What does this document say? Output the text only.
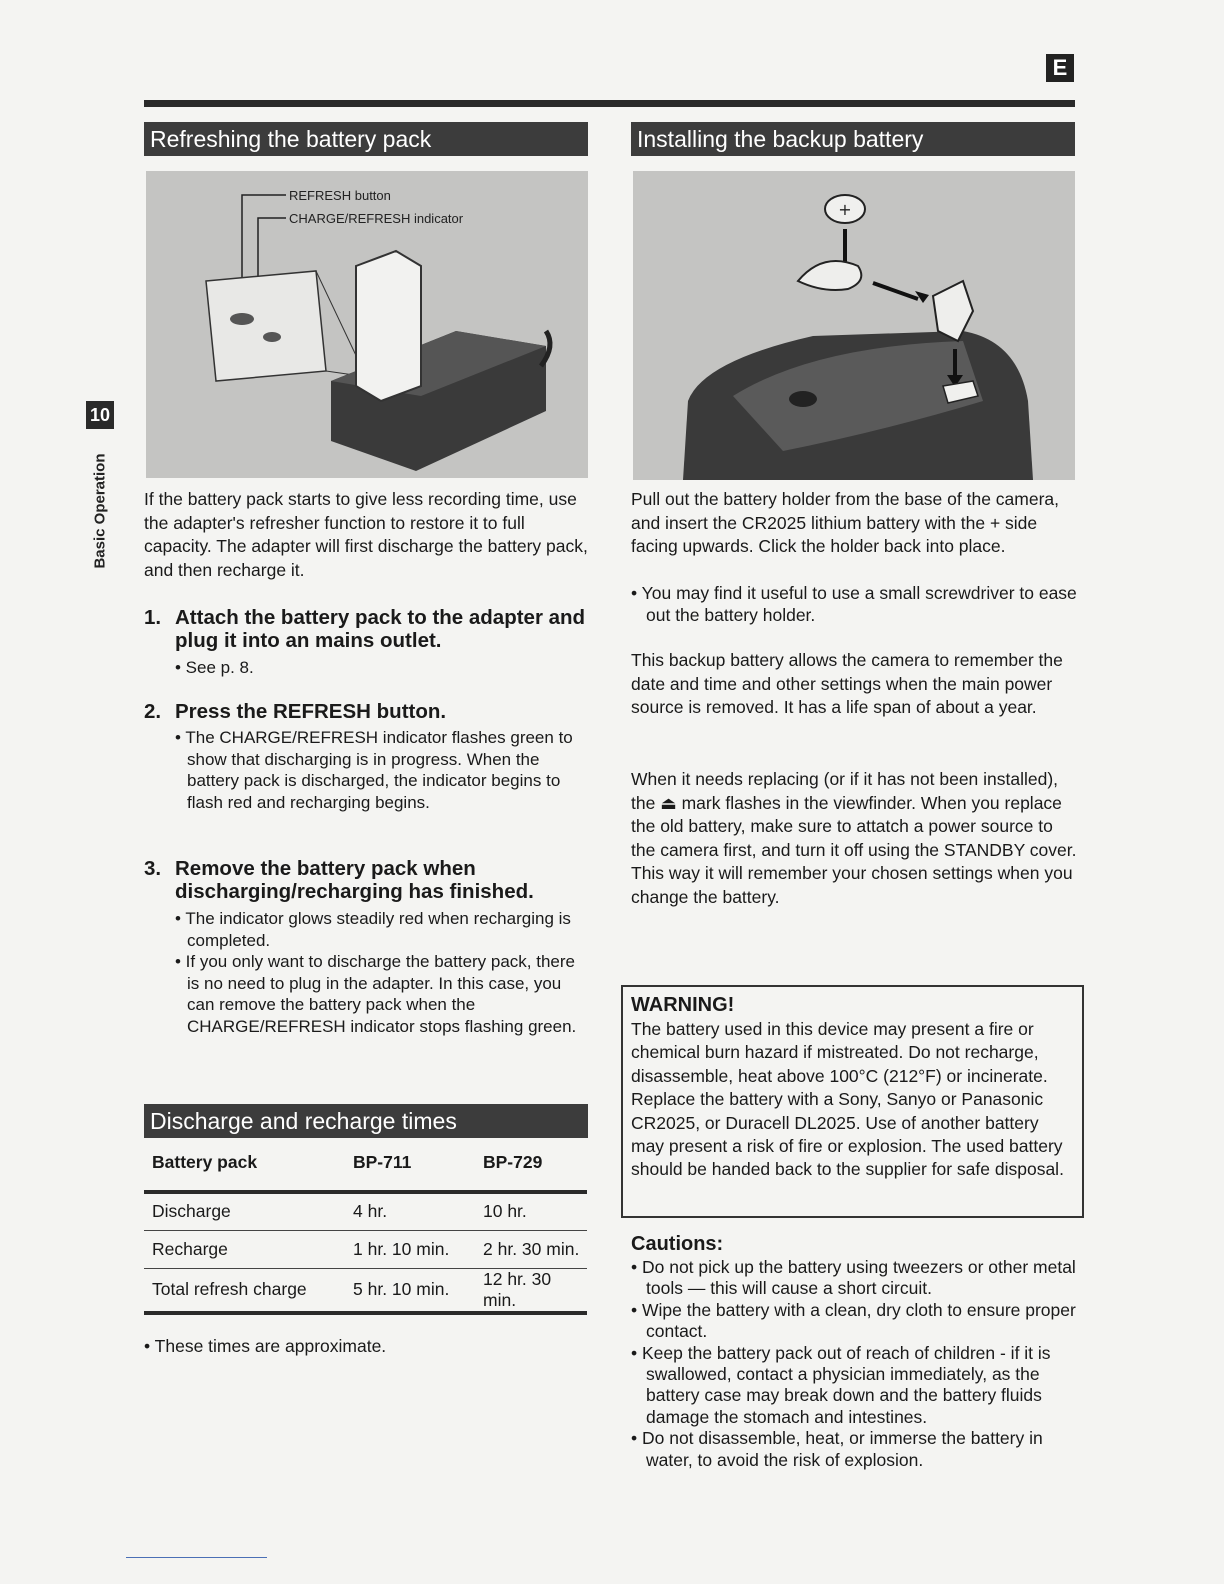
E
10
Basic Operation
Refreshing the battery pack
REFRESH button
CHARGE/REFRESH indicator

If the battery pack starts to give less recording time, use the adapter's refresher function to restore it to full capacity. The adapter will first discharge the battery pack, and then recharge it.

1. Attach the battery pack to the adapter and plug it into an mains outlet.
• See p. 8.
2. Press the REFRESH button.
• The CHARGE/REFRESH indicator flashes green to show that discharging is in progress. When the battery pack is discharged, the indicator begins to flash red and recharging begins.
3. Remove the battery pack when discharging/recharging has finished.
• The indicator glows steadily red when recharging is completed.
• If you only want to discharge the battery pack, there is no need to plug in the adapter. In this case, you can remove the battery pack when the CHARGE/REFRESH indicator stops flashing green.
Discharge and recharge times
Battery pack	BP-711	BP-729
Discharge	4 hr.	10 hr.
Recharge	1 hr. 10 min.	2 hr. 30 min.
Total refresh charge	5 hr. 10 min.	12 hr. 30 min.
• These times are approximate.
Installing the backup battery
+

Pull out the battery holder from the base of the camera, and insert the CR2025 lithium battery with the + side facing upwards. Click the holder back into place.

• You may find it useful to use a small screwdriver to ease out the battery holder.

This backup battery allows the camera to remember the date and time and other settings when the main power source is removed. It has a life span of about a year.

When it needs replacing (or if it has not been installed), the ⏏ mark flashes in the viewfinder. When you replace the old battery, make sure to attatch a power source to the camera first, and turn it off using the STANDBY cover. This way it will remember your chosen settings when you change the battery.

WARNING!
The battery used in this device may present a fire or chemical burn hazard if mistreated. Do not recharge, disassemble, heat above 100°C (212°F) or incinerate. Replace the battery with a Sony, Sanyo or Panasonic CR2025, or Duracell DL2025. Use of another battery may present a risk of fire or explosion. The used battery should be handed back to the supplier for safe disposal.
Cautions:
• Do not pick up the battery using tweezers or other metal tools — this will cause a short circuit.
• Wipe the battery with a clean, dry cloth to ensure proper contact.
• Keep the battery pack out of reach of children - if it is swallowed, contact a physician immediately, as the battery case may break down and the battery fluids damage the stomach and intestines.
• Do not disassemble, heat, or immerse the battery in water, to avoid the risk of explosion.
